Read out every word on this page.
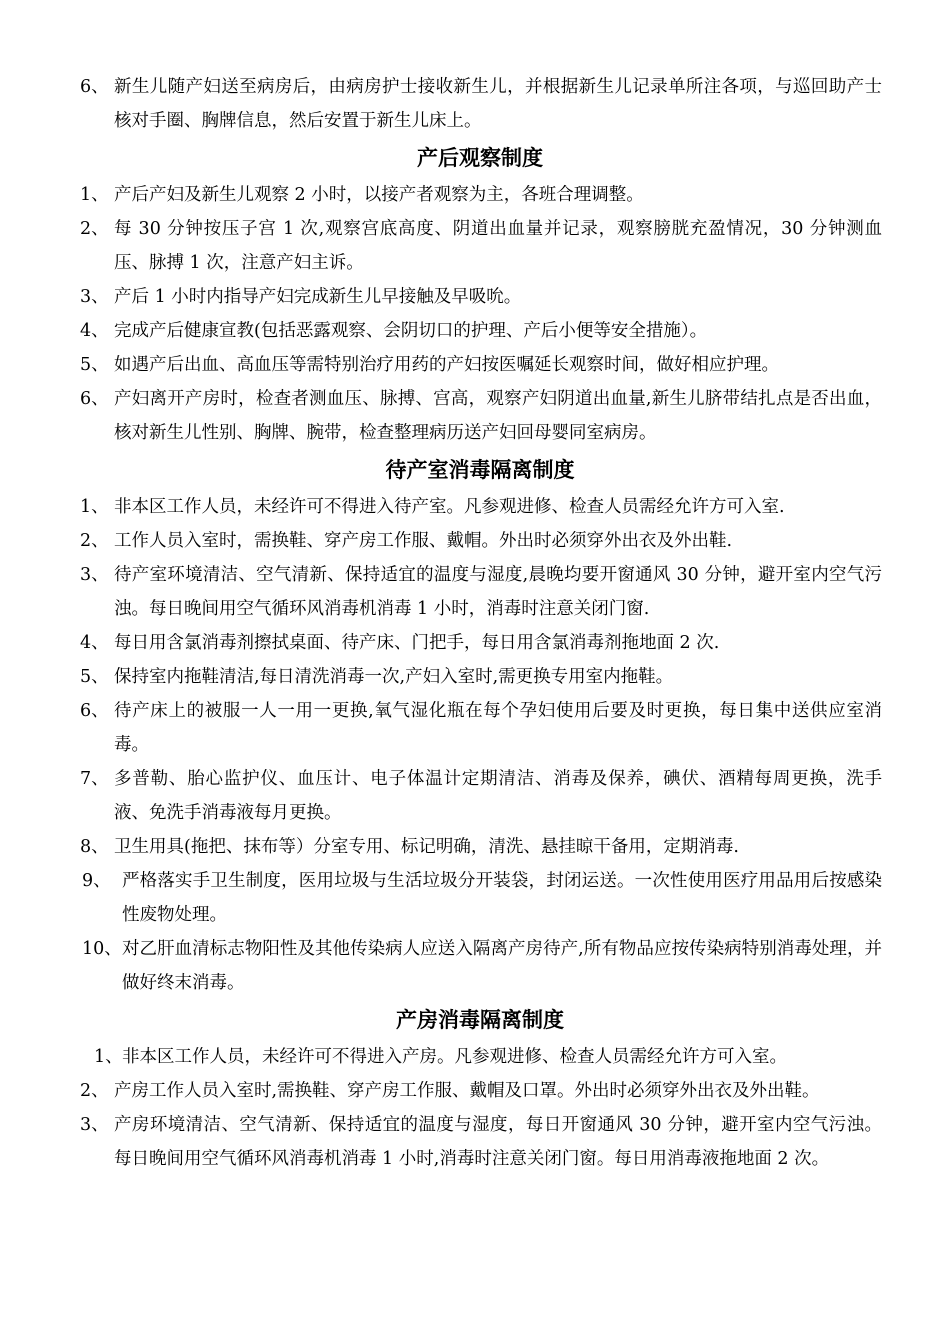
6、 新生儿随产妇送至病房后，由病房护士接收新生儿，并根据新生儿记录单所注各项，与巡回助产士核对手圈、胸牌信息，然后安置于新生儿床上。

产后观察制度

1、 产后产妇及新生儿观察 2 小时，以接产者观察为主，各班合理调整。

2、 每 30 分钟按压子宫 1 次,观察宫底高度、阴道出血量并记录，观察膀胱充盈情况，30 分钟测血压、脉搏 1 次，注意产妇主诉。

3、 产后 1 小时内指导产妇完成新生儿早接触及早吸吮。

4、 完成产后健康宣教(包括恶露观察、会阴切口的护理、产后小便等安全措施）。

5、 如遇产后出血、高血压等需特别治疗用药的产妇按医嘱延长观察时间，做好相应护理。

6、 产妇离开产房时，检查者测血压、脉搏、宫高，观察产妇阴道出血量,新生儿脐带结扎点是否出血，核对新生儿性别、胸牌、腕带，检查整理病历送产妇回母婴同室病房。

待产室消毒隔离制度

1、 非本区工作人员，未经许可不得进入待产室。凡参观进修、检查人员需经允许方可入室.

2、 工作人员入室时，需换鞋、穿产房工作服、戴帽。外出时必须穿外出衣及外出鞋.

3、 待产室环境清洁、空气清新、保持适宜的温度与湿度,晨晚均要开窗通风 30 分钟，避开室内空气污浊。每日晚间用空气循环风消毒机消毒 1 小时，消毒时注意关闭门窗.

4、 每日用含氯消毒剂擦拭桌面、待产床、门把手，每日用含氯消毒剂拖地面 2 次.

5、 保持室内拖鞋清洁,每日清洗消毒一次,产妇入室时,需更换专用室内拖鞋。

6、 待产床上的被服一人一用一更换,氧气湿化瓶在每个孕妇使用后要及时更换，每日集中送供应室消毒。

7、 多普勒、胎心监护仪、血压计、电子体温计定期清洁、消毒及保养，碘伏、酒精每周更换，洗手液、免洗手消毒液每月更换。

8、 卫生用具(拖把、抹布等）分室专用、标记明确，清洗、悬挂晾干备用，定期消毒.

9、 严格落实手卫生制度，医用垃圾与生活垃圾分开装袋，封闭运送。一次性使用医疗用品用后按感染性废物处理。

10、 对乙肝血清标志物阳性及其他传染病人应送入隔离产房待产,所有物品应按传染病特别消毒处理，并做好终末消毒。

产房消毒隔离制度

1、 非本区工作人员，未经许可不得进入产房。凡参观进修、检查人员需经允许方可入室。

2、 产房工作人员入室时,需换鞋、穿产房工作服、戴帽及口罩。外出时必须穿外出衣及外出鞋。

3、 产房环境清洁、空气清新、保持适宜的温度与湿度，每日开窗通风 30 分钟，避开室内空气污浊。每日晚间用空气循环风消毒机消毒 1 小时,消毒时注意关闭门窗。每日用消毒液拖地面 2 次。
